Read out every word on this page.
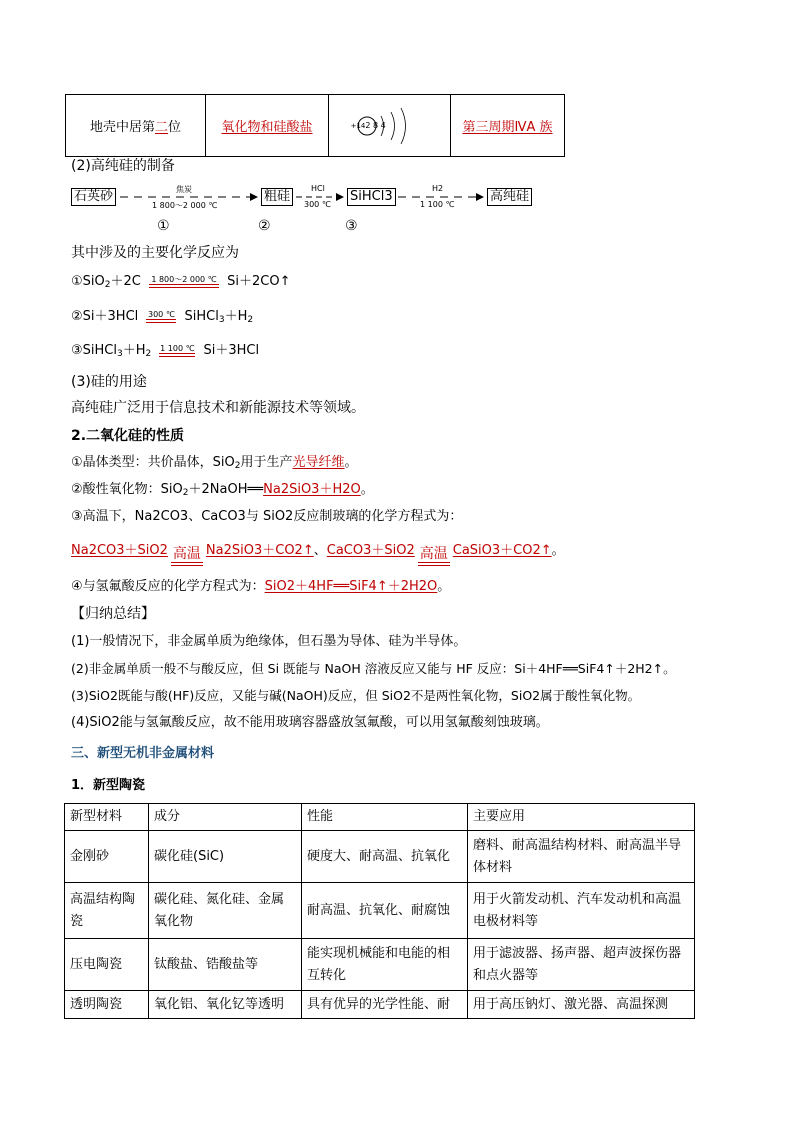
地壳中居第 二 位	氧化物和硅酸盐	+14 2 8 4	第三周期ⅣA 族
(2)高纯硅的制备
石英砂	焦炭
1 800～2 000 ℃
粗硅
HCl
300 ℃
SiHCl3
H2
1 100 ℃
高纯硅
①	②	③
其中涉及的主要化学反应为
①SiO$_2$＋2C 1 800～2 000 ℃ Si＋2CO↑
②Si＋3HCl 300 ℃ $SiHCl_3+H_2$
$③SiHCl_3+H_2$
1 100 ℃ Si＋3HCl
(3)硅的用途
高纯硅广泛用于信息技术和新能源技术等领域。
2.二氧化硅的性质
①晶体类型：共价晶体，SiO$_2$用于生产光导纤维。
②酸性氧化物：SiO$_2$＋2NaOH══Na2SiO3＋H2O。
③高温下，Na2CO3、CaCO3与 SiO2反应制玻璃的化学方程式为：
Na2CO3＋SiO2 高温 Na2SiO3＋CO2↑、CaCO3＋SiO2 高温 CaSiO3＋CO2↑。
④与氢氟酸反应的化学方程式为：SiO2＋4HF══SiF4↑＋2H2O。
【归纳总结】
(1)一般情况下，非金属单质为绝缘体，但石墨为导体、硅为半导体。
(2)非金属单质一般不与酸反应，但 Si 既能与 NaOH 溶液反应又能与 HF 反应：Si＋4HF══SiF4↑＋2H2↑。
(3)SiO2既能与酸(HF)反应，又能与碱(NaOH)反应，但 SiO2不是两性氧化物，SiO2属于酸性氧化物。
(4)SiO2能与氢氟酸反应，故不能用玻璃容器盛放氢氟酸，可以用氢氟酸刻蚀玻璃。
三、新型无机非金属材料
1．新型陶瓷
新型材料	成分	性能	主要应用
金刚砂	碳化硅(SiC)	硬度大、耐高温、抗氧化	磨料、耐高温结构材料、耐高温半导体材料
高温结构陶瓷	碳化硅、氮化硅、金属氧化物	耐高温、抗氧化、耐腐蚀	用于火箭发动机、汽车发动机和高温电极材料等
压电陶瓷	钛酸盐、锆酸盐等	能实现机械能和电能的相互转化	用于滤波器、扬声器、超声波探伤器和点火器等
透明陶瓷	氧化铝、氧化钇等透明	具有优异的光学性能、耐	用于高压钠灯、激光器、高温探测
